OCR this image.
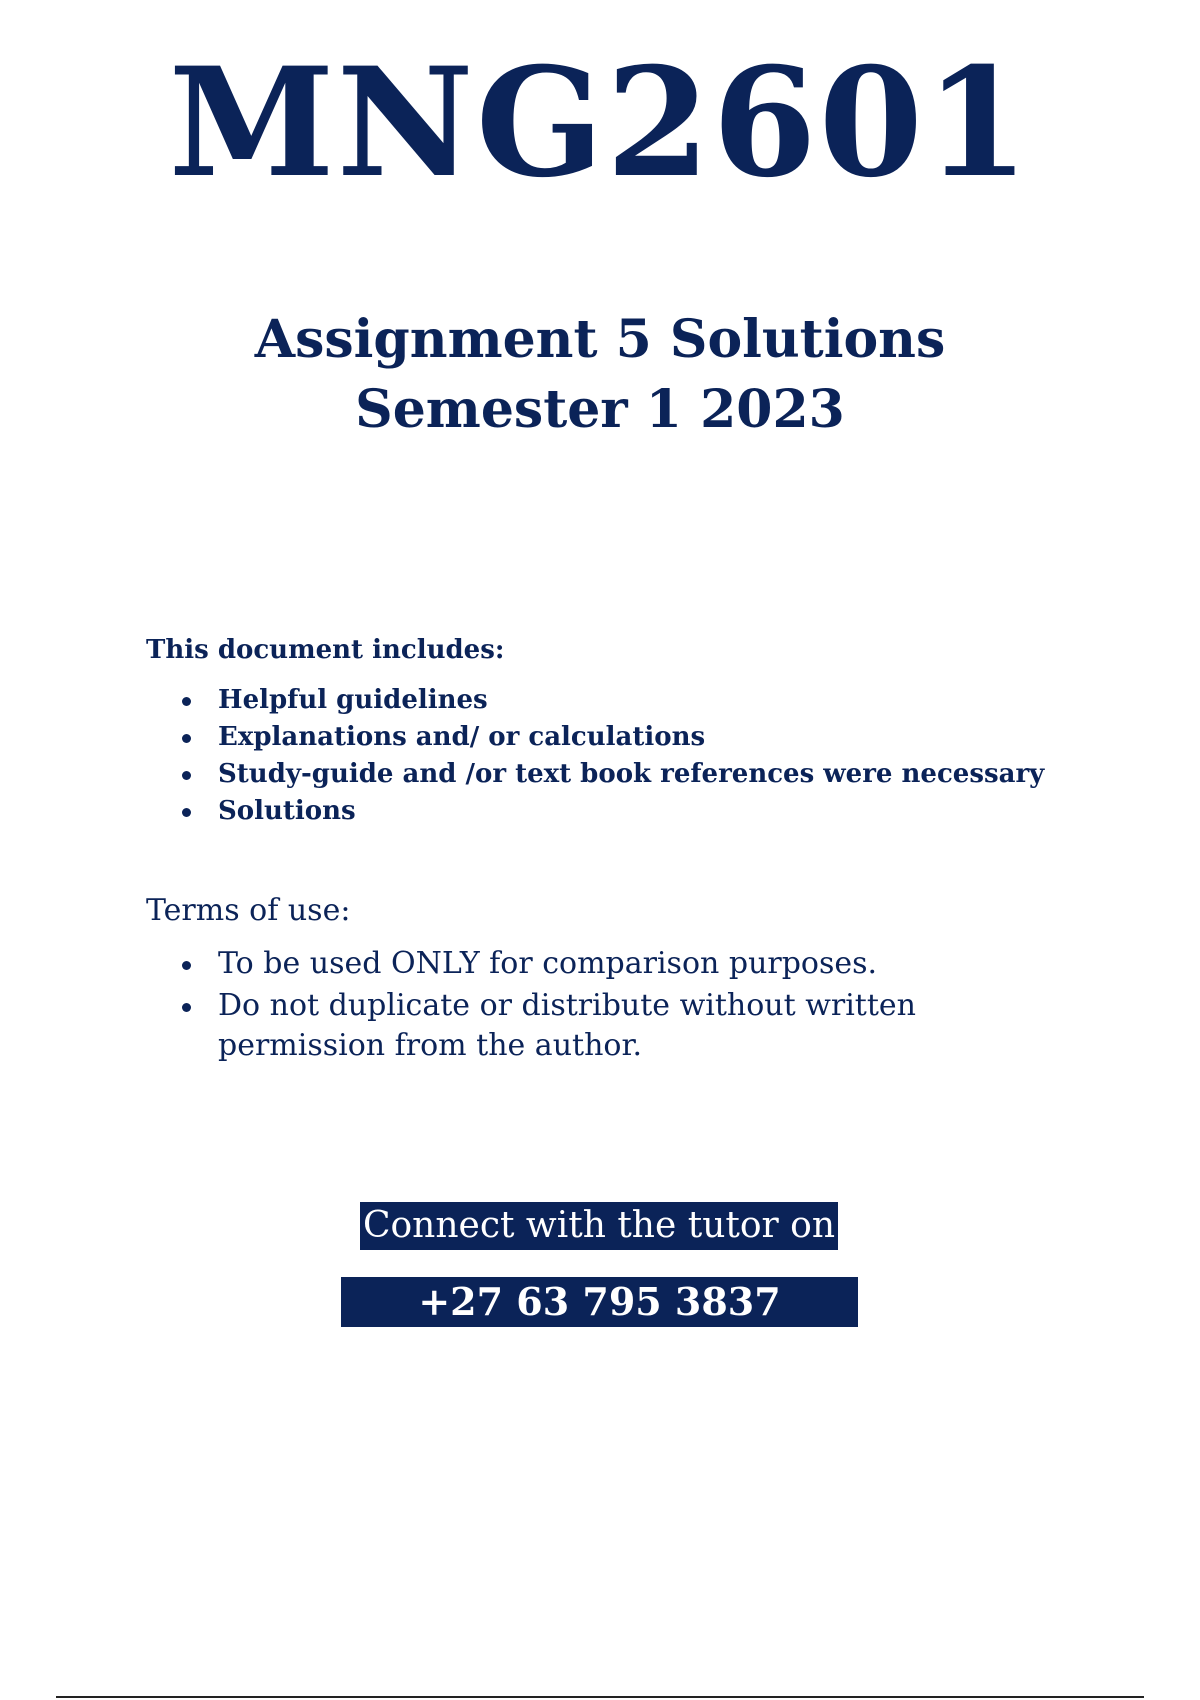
MNG2601
Assignment 5 Solutions
Semester 1 2023

This document includes:

Helpful guidelines
Explanations and/ or calculations
Study-guide and /or text book references were necessary
Solutions

Terms of use:

To be used ONLY for comparison purposes.
Do not duplicate or distribute without written permission from the author.
Connect with the tutor on
+27 63 795 3837
